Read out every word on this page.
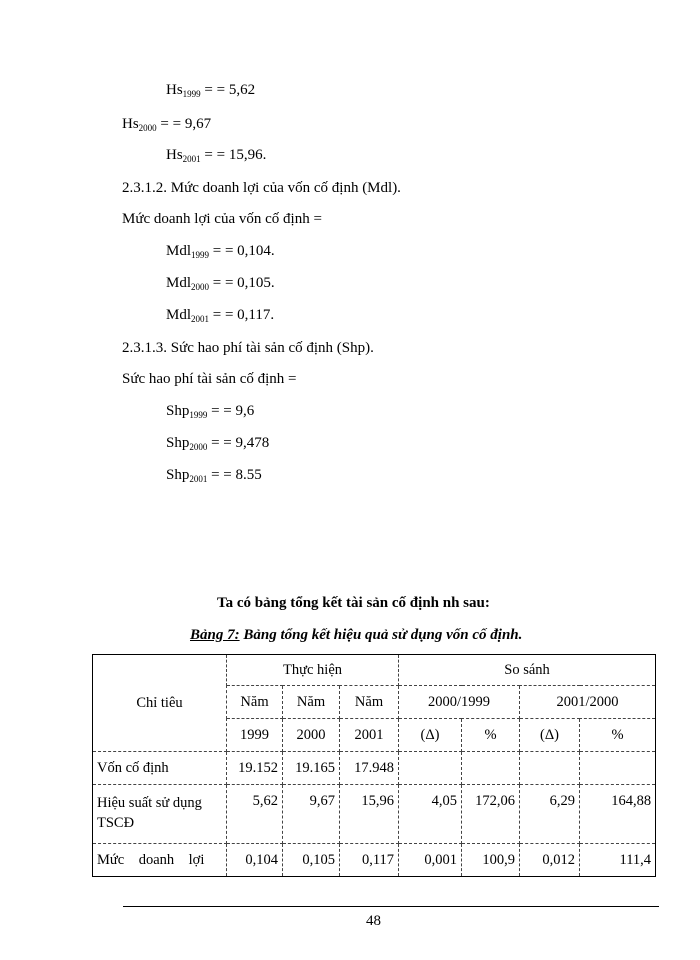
$Hs_{1999}$ = = 5,62
$Hs_{2000}$ = = 9,67
$Hs_{2001}$ = = 15,96.
2.3.1.2. Mức doanh lợi của vốn cố định (Mdl).
Mức doanh lợi của vốn cố định =
Mdl$_{1999}$ = = 0,104.
Mdl$_{2000}$ = = 0,105.
Mdl$_{2001}$ = = 0,117.
2.3.1.3. Sức hao phí tài sản cố định (Shp).
Sức hao phí tài sản cố định =
Shp$_{1999}$ = = 9,6
Shp$_{2000}$ = = 9,478
Shp$_{2001}$ = = 8.55
Ta có bảng tổng kết tài sản cố định nh sau:
Bảng 7: Bảng tổng kết hiệu quả sử dụng vốn cố định.
Chỉ tiêu	Thực hiện			So sánh			
	Năm	Năm	Năm	2000/1999		2001/2000	
	1999	2000	2001	(Δ)	%	(Δ)	%
Vốn cố định	19.152	19.165	17.948				
Hiệu suất sử dụng TSCĐ	5,62	9,67	15,96	4,05	172,06	6,29	164,88
Mức    doanh    lợi	0,104	0,105	0,117	0,001	100,9	0,012	111,4
48
